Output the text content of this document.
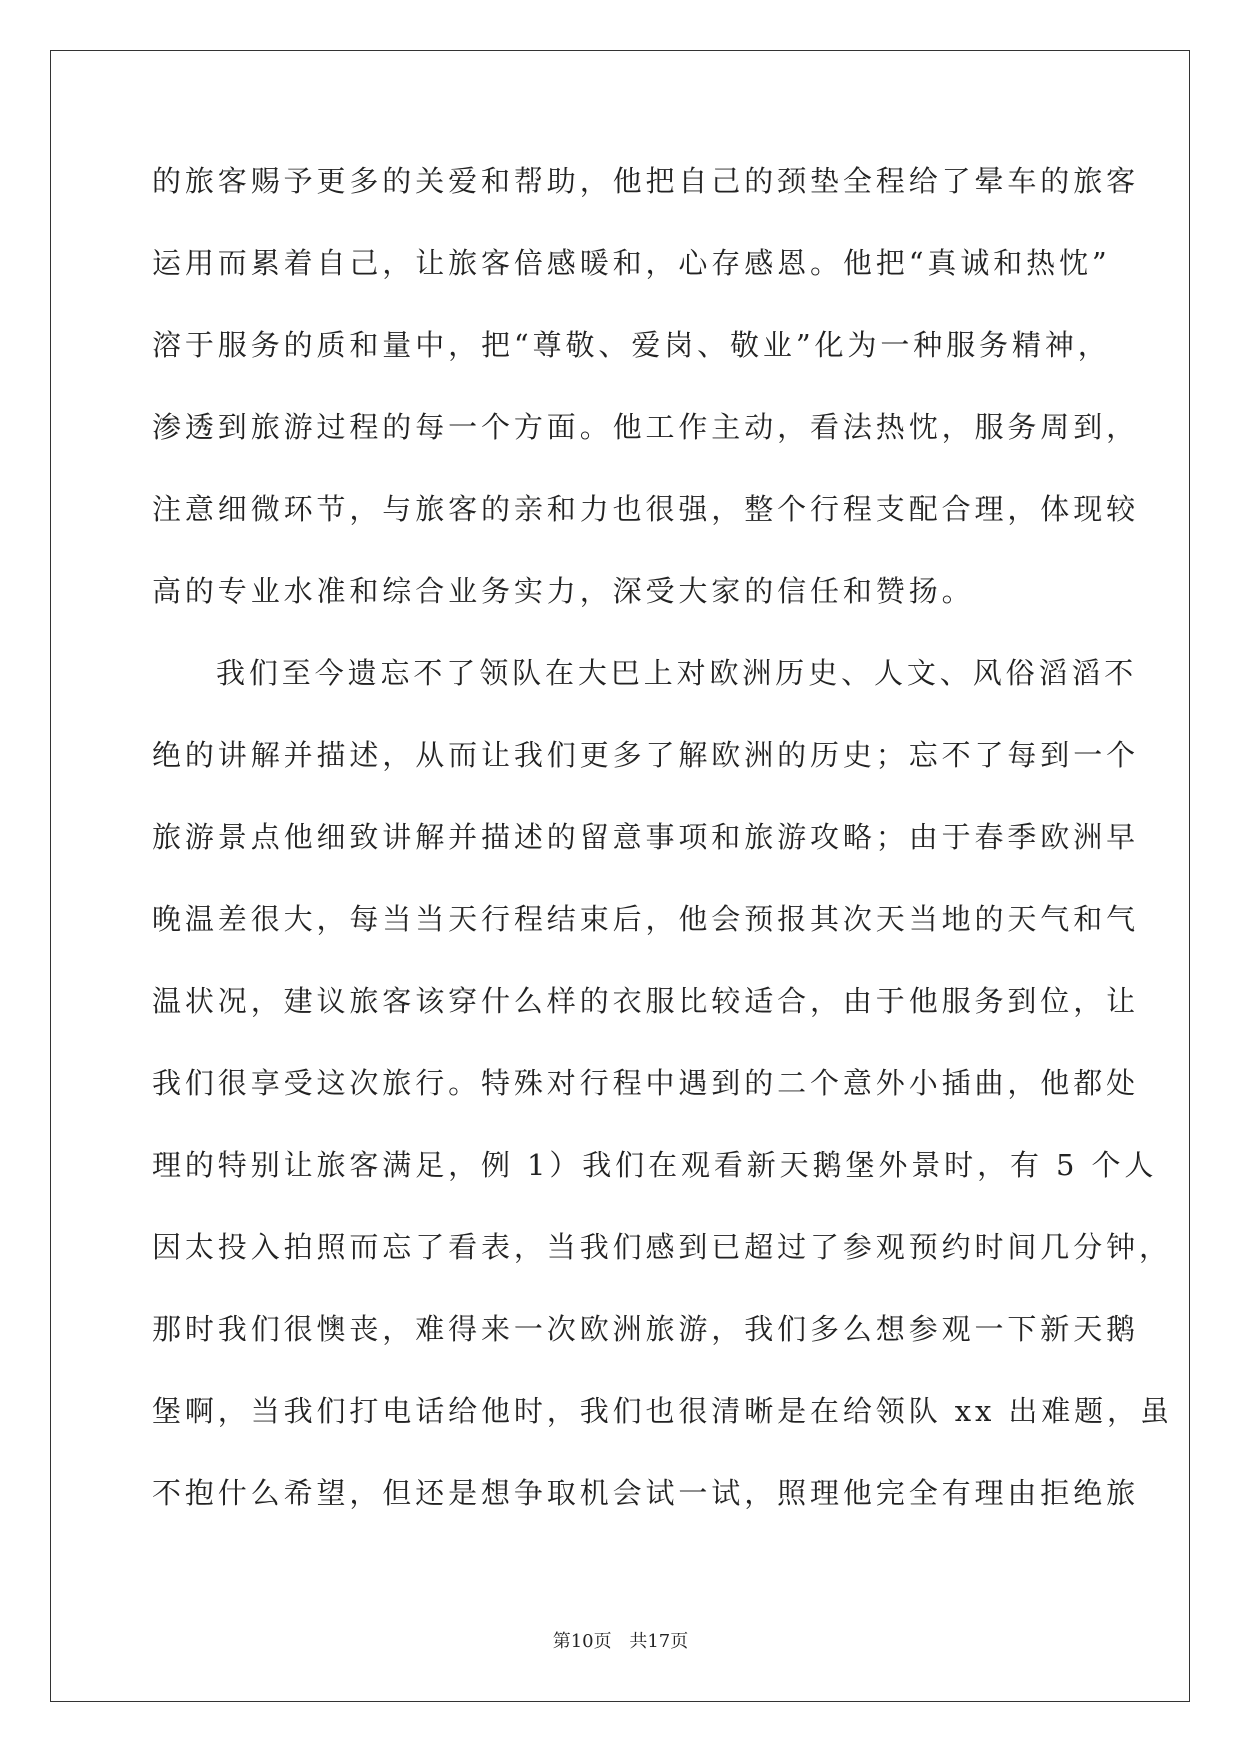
的旅客赐予更多的关爱和帮助，他把自己的颈垫全程给了晕车的旅客
运用而累着自己，让旅客倍感暖和，心存感恩。他把“真诚和热忱”
溶于服务的质和量中，把“尊敬、爱岗、敬业”化为一种服务精神，
渗透到旅游过程的每一个方面。他工作主动，看法热忱，服务周到，
注意细微环节，与旅客的亲和力也很强，整个行程支配合理，体现较
高的专业水准和综合业务实力，深受大家的信任和赞扬。
我们至今遗忘不了领队在大巴上对欧洲历史、人文、风俗滔滔不
绝的讲解并描述，从而让我们更多了解欧洲的历史；忘不了每到一个
旅游景点他细致讲解并描述的留意事项和旅游攻略；由于春季欧洲早
晚温差很大，每当当天行程结束后，他会预报其次天当地的天气和气
温状况，建议旅客该穿什么样的衣服比较适合，由于他服务到位，让
我们很享受这次旅行。特殊对行程中遇到的二个意外小插曲，他都处
理的特别让旅客满足，例 1）我们在观看新天鹅堡外景时，有 5 个人
因太投入拍照而忘了看表，当我们感到已超过了参观预约时间几分钟，
那时我们很懊丧，难得来一次欧洲旅游，我们多么想参观一下新天鹅
堡啊，当我们打电话给他时，我们也很清晰是在给领队 xx 出难题，虽
不抱什么希望，但还是想争取机会试一试，照理他完全有理由拒绝旅
第10页 共17页
